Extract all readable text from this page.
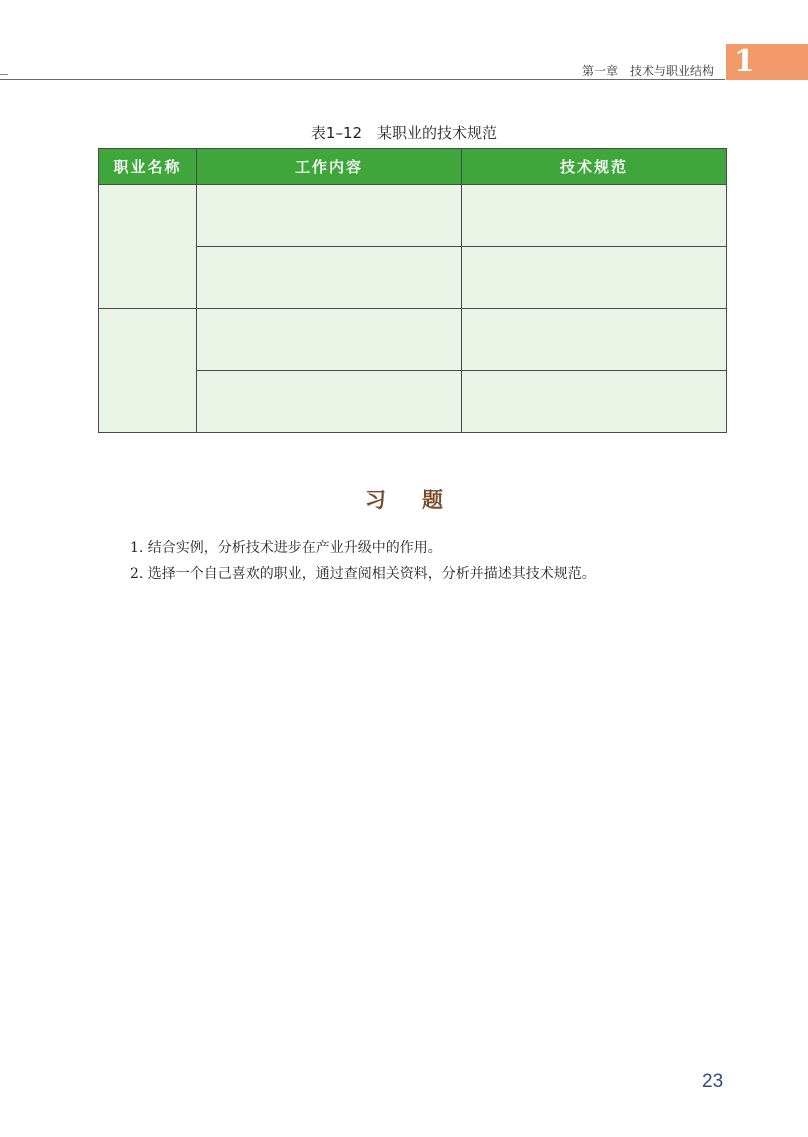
第一章 技术与职业结构 1
表1–12　某职业的技术规范
职业名称	工作内容	技术规范

习题
1. 结合实例，分析技术进步在产业升级中的作用。
2. 选择一个自己喜欢的职业，通过查阅相关资料，分析并描述其技术规范。
23
